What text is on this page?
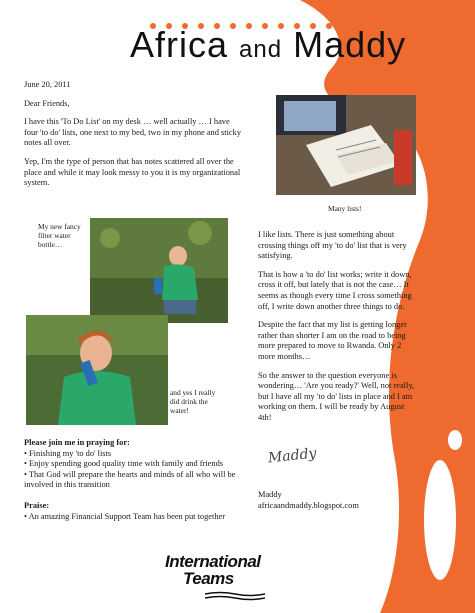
Africa and Maddy

June 20, 2011

Dear Friends,

I have this 'To Do List' on my desk … well actually … I have four 'to do' lists, one next to my bed, two in my phone and sticky notes all over.

Yep, I'm the type of person that has notes scattered all over the place and while it may look messy to you it is my organizational system.

Many lists!
My new fancy filter water bottle…
and yes I really did drink the water!

I like lists. There is just something about crossing things off my 'to do' list that is very satisfying.

That is how a 'to do' list works; write it down, cross it off, but lately that is not the case… It seems as though every time I cross something off, I write down another three things to do.

Despite the fact that my list is getting longer rather than shorter I am on the road to being more prepared to move to Rwanda. Only 2 more months…

So the answer to the question everyone is wondering… 'Are you ready?' Well, not really, but I have all my 'to do' lists in place and I am working on them. I will be ready by August 4th!

Please join me in praying for:
• Finishing my 'to do' lists
• Enjoy spending good quality time with family and friends
• That God will prepare the hearts and minds of all who will be involved in this transition
Praise:
• An amazing Financial Support Team has been put together
Maddy
Maddy
africaandmaddy.blogspot.com
International
Teams
